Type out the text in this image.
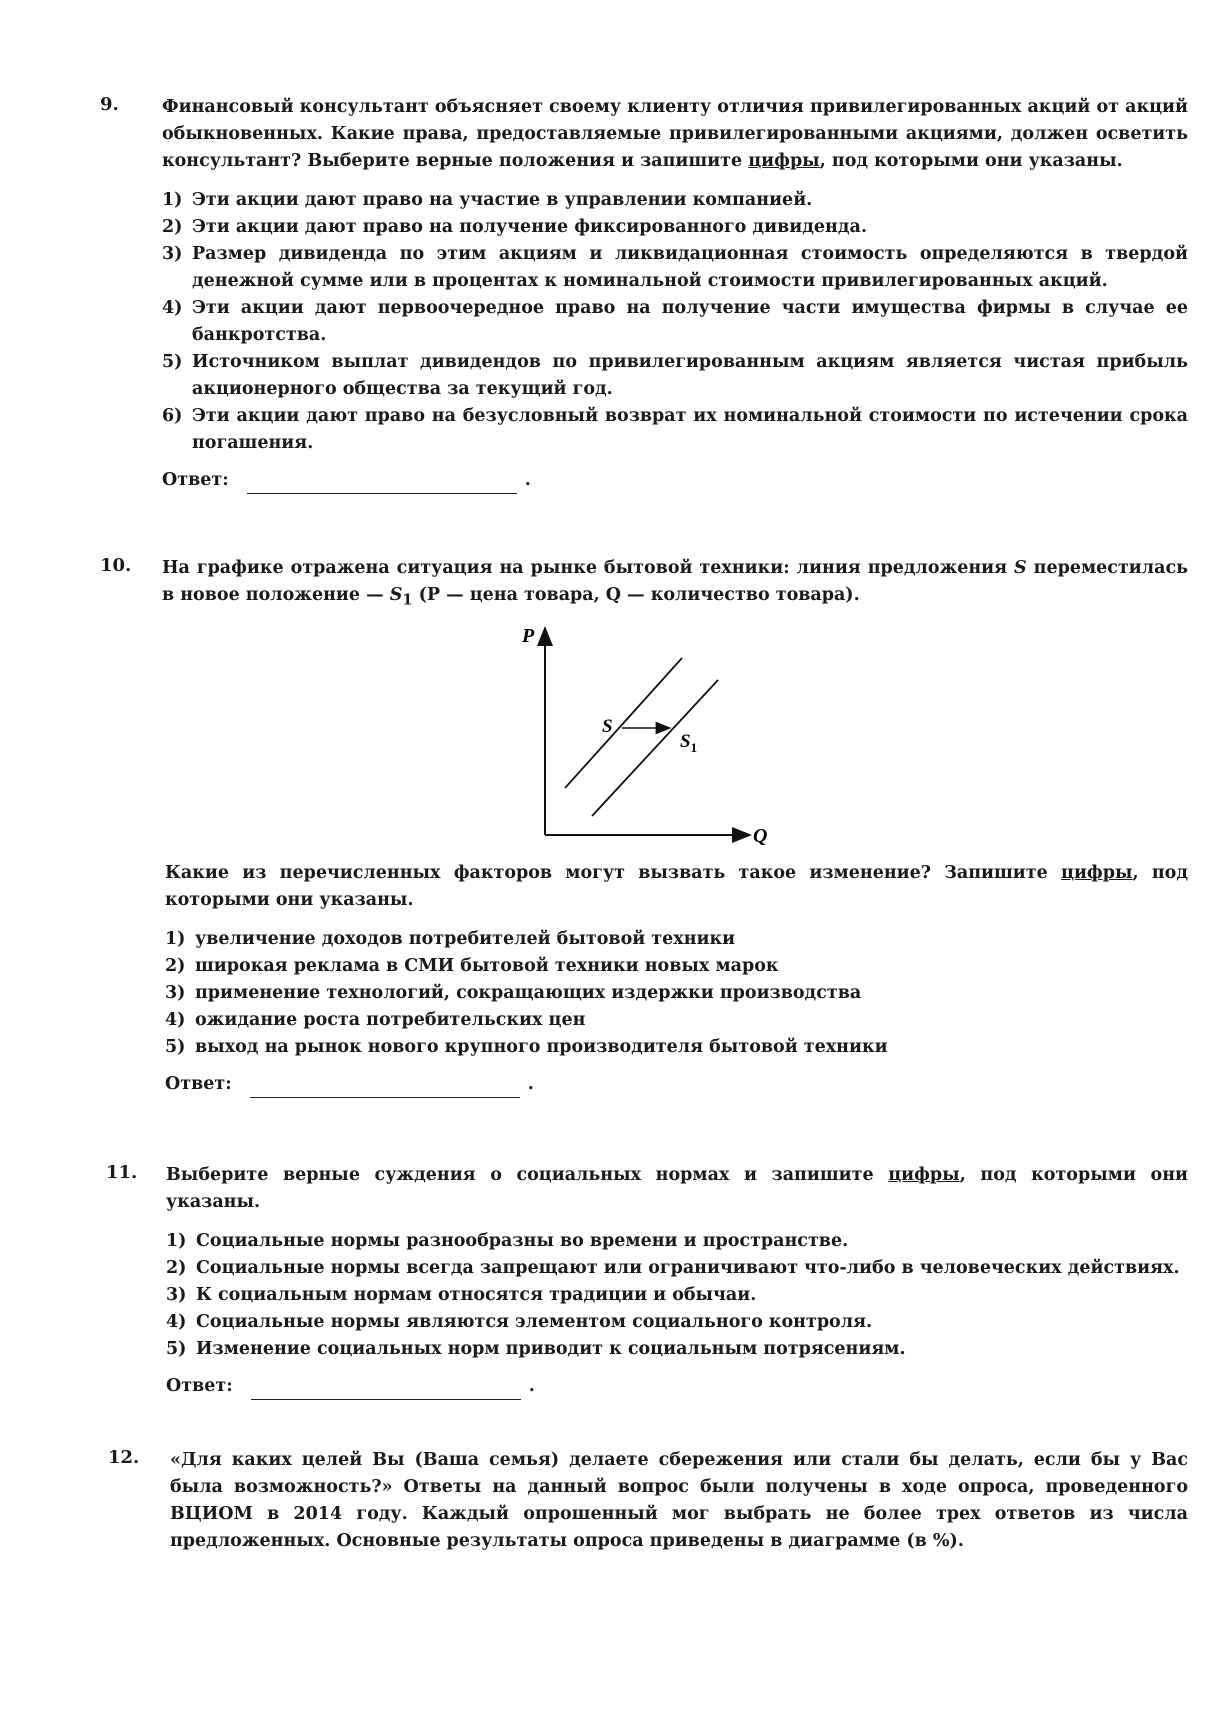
9. Финансовый консультант объясняет своему клиенту отличия привилегированных акций от акций обыкновенных. Какие права, предоставляемые привилегированными акциями, должен осветить консультант? Выберите верные положения и запишите цифры, под которыми они указаны.

1) Эти акции дают право на участие в управлении компанией.
2) Эти акции дают право на получение фиксированного дивиденда.
3) Размер дивиденда по этим акциям и ликвидационная стоимость определяются в твердой денежной сумме или в процентах к номинальной стоимости привилегированных акций.
4) Эти акции дают первоочередное право на получение части имущества фирмы в случае ее банкротства.
5) Источником выплат дивидендов по привилегированным акциям является чистая прибыль акционерного общества за текущий год.
6) Эти акции дают право на безусловный возврат их номинальной стоимости по истечении срока погашения.
Ответ:	.
10. На графике отражена ситуация на рынке бытовой техники: линия предложения S переместилась в новое положение — $S_1$ (P — цена товара, Q — количество товара).

P
Q
S
$S_1$

Какие из перечисленных факторов могут вызвать такое изменение? Запишите цифры, под которыми они указаны.

1) увеличение доходов потребителей бытовой техники
2) широкая реклама в СМИ бытовой техники новых марок
3) применение технологий, сокращающих издержки производства
4) ожидание роста потребительских цен
5) выход на рынок нового крупного производителя бытовой техники
Ответ:	.
11. Выберите верные суждения о социальных нормах и запишите цифры, под которыми они указаны.

1) Социальные нормы разнообразны во времени и пространстве.
2) Социальные нормы всегда запрещают или ограничивают что-либо в человеческих действиях.
3) К социальным нормам относятся традиции и обычаи.
4) Социальные нормы являются элементом социального контроля.
5) Изменение социальных норм приводит к социальным потрясениям.
Ответ:	.
12. «Для каких целей Вы (Ваша семья) делаете сбережения или стали бы делать, если бы у Вас была возможность?» Ответы на данный вопрос были получены в ходе опроса, проведенного ВЦИОМ в 2014 году. Каждый опрошенный мог выбрать не более трех ответов из числа предложенных. Основные результаты опроса приведены в диаграмме (в %).
